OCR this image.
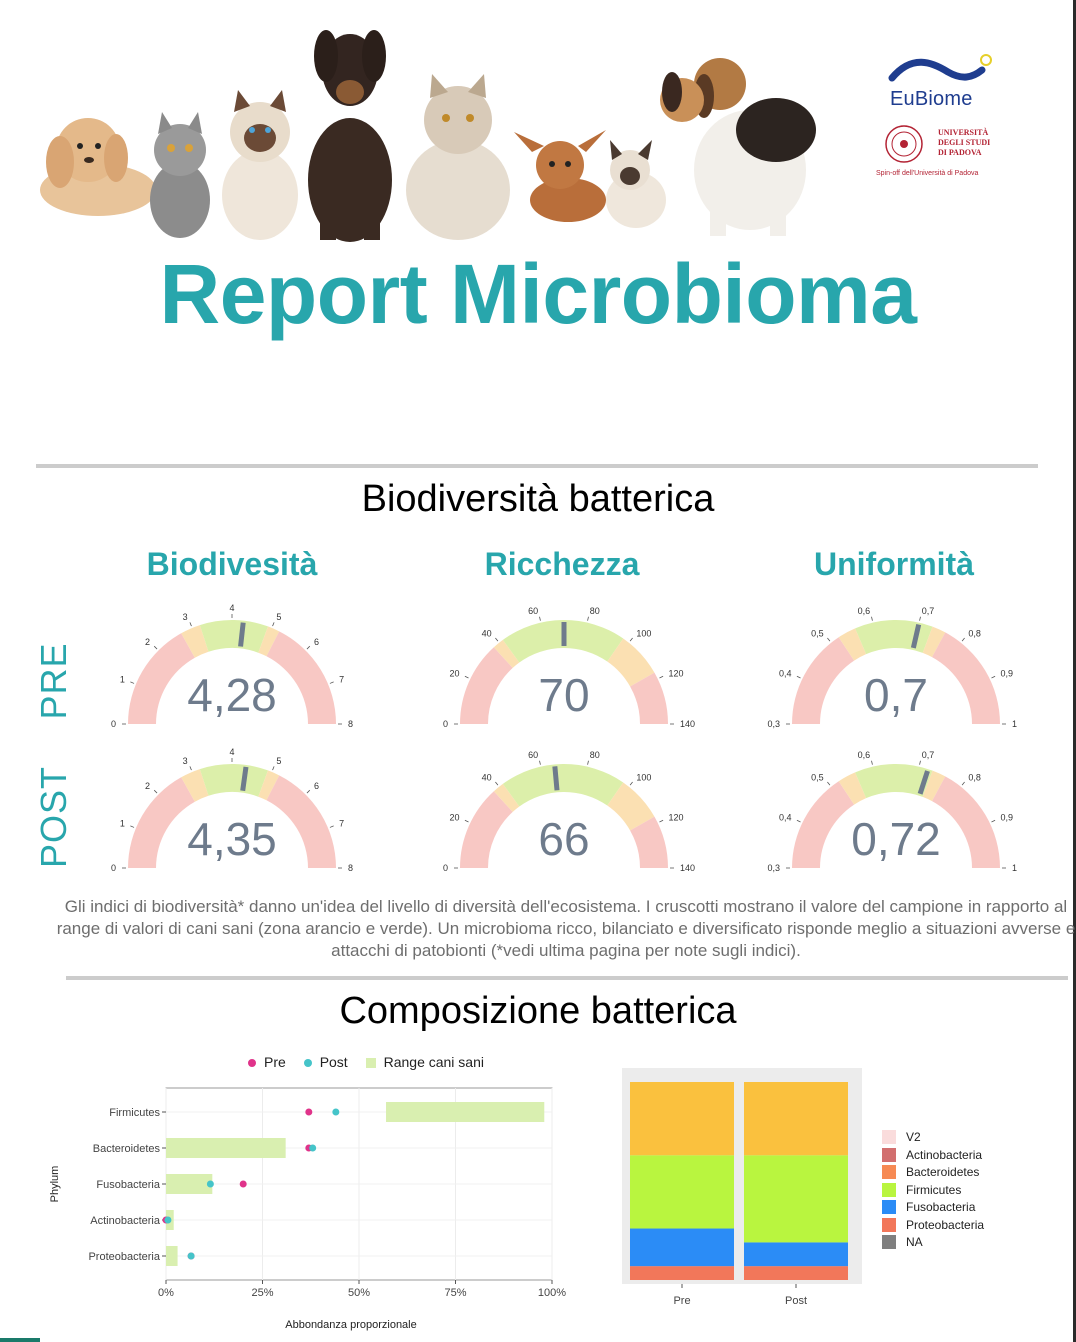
EuBiome
UNIVERSITÀ
DEGLI STUDI
DI PADOVA
Spin-off dell'Università di Padova
Report Microbioma
Biodiversità batterica
Biodivesità	Ricchezza	Uniformità
PRE
POST
0
1
2
3
4
5
6
7
8
4,28
0
20
40
60	80
100
120
140
70
0,3
0,4
0,5
0,6	0,7
0,8
0,9
1
0,7
0
1
2
3
4
5
6
7
8
4,35
0
20
40
60	80
100
120
140
66
0,3
0,4
0,5
0,6	0,7
0,8
0,9
1
0,72

Gli indici di biodiversità* danno un'idea del livello di diversità dell'ecosistema. I cruscotti mostrano il valore del campione in rapporto al range di valori di cani sani (zona arancio e verde). Un microbioma ricco, bilanciato e diversificato risponde meglio a situazioni avverse e attacchi di patobionti (*vedi ultima pagina per note sugli indici).

Composizione batterica
Pre Post	Range cani sani
0%	25%	50%	75%	100%
Firmicutes
Bacteroidetes
Fusobacteria
Actinobacteria
Proteobacteria
Abbondanza proporzionale
Phylum
Pre	Post
V2
Actinobacteria
Bacteroidetes
Firmicutes
Fusobacteria
Proteobacteria
NA
